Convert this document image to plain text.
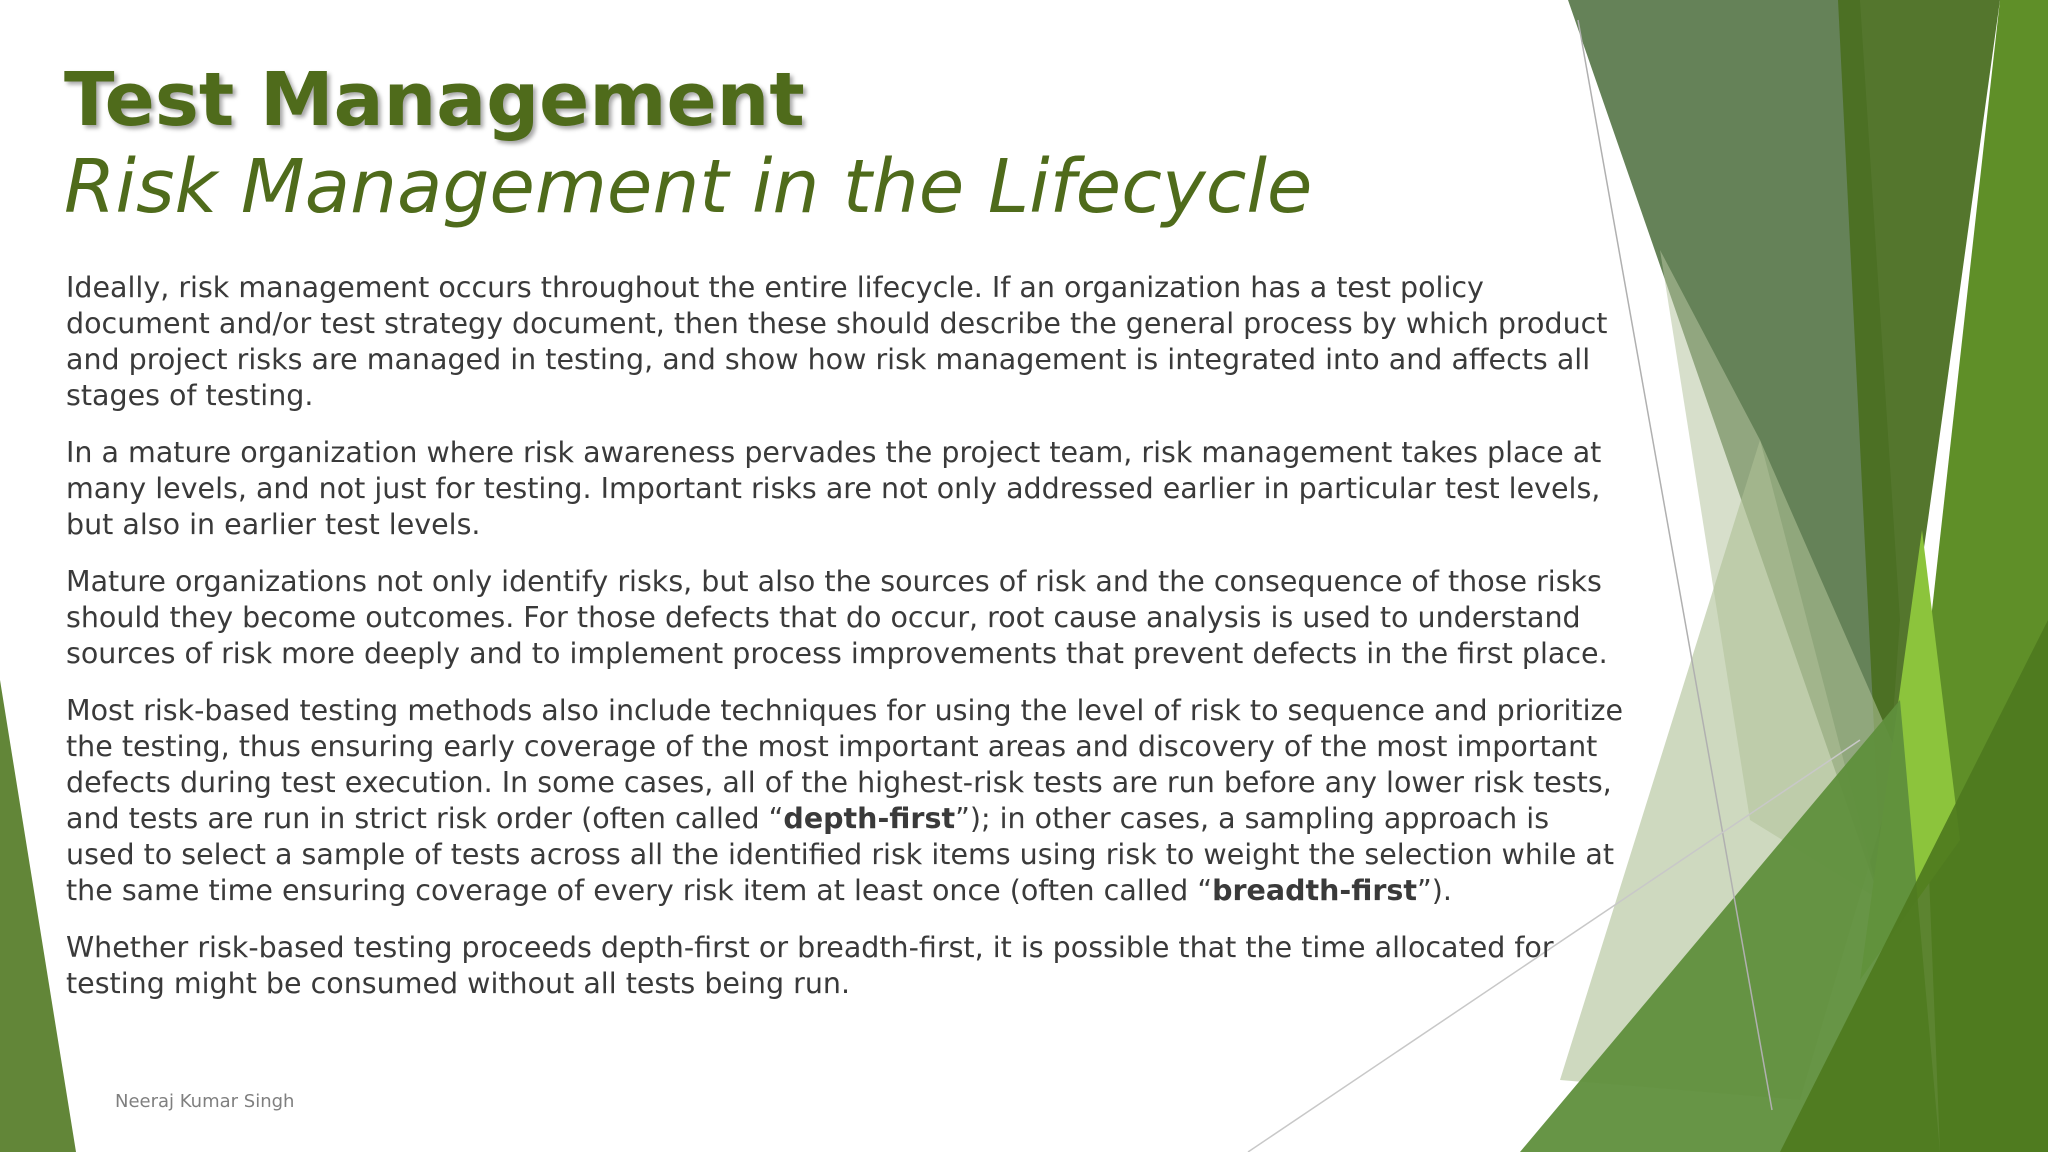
Test Management
Risk Management in the Lifecycle

Ideally, risk management occurs throughout the entire lifecycle. If an organization has a test policy document and/or test strategy document, then these should describe the general process by which product and project risks are managed in testing, and show how risk management is integrated into and affects all stages of testing.

In a mature organization where risk awareness pervades the project team, risk management takes place at many levels, and not just for testing. Important risks are not only addressed earlier in particular test levels, but also in earlier test levels.

Mature organizations not only identify risks, but also the sources of risk and the consequence of those risks should they become outcomes. For those defects that do occur, root cause analysis is used to understand sources of risk more deeply and to implement process improvements that prevent defects in the first place.

Most risk-based testing methods also include techniques for using the level of risk to sequence and prioritize the testing, thus ensuring early coverage of the most important areas and discovery of the most important defects during test execution. In some cases, all of the highest-risk tests are run before any lower risk tests, and tests are run in strict risk order (often called “depth-first”); in other cases, a sampling approach is used to select a sample of tests across all the identified risk items using risk to weight the selection while at the same time ensuring coverage of every risk item at least once (often called “breadth-first”).

Whether risk-based testing proceeds depth-first or breadth-first, it is possible that the time allocated for testing might be consumed without all tests being run.

Neeraj Kumar Singh
